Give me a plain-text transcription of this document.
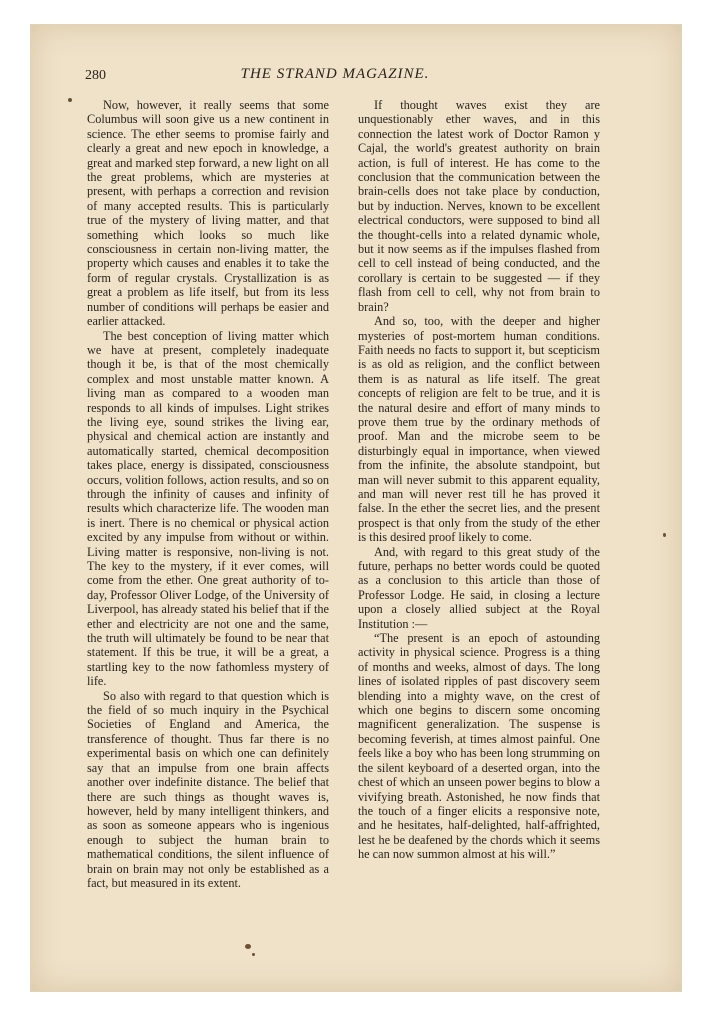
280	THE STRAND MAGAZINE.

Now, however, it really seems that some Columbus will soon give us a new continent in science. The ether seems to promise fairly and clearly a great and new epoch in knowledge, a great and marked step forward, a new light on all the great problems, which are mysteries at present, with perhaps a correction and revision of many accepted results. This is particularly true of the mystery of living matter, and that something which looks so much like consciousness in certain non-living matter, the property which causes and enables it to take the form of regular crystals. Crystallization is as great a problem as life itself, but from its less number of conditions will perhaps be easier and earlier attacked.

The best conception of living matter which we have at present, completely inadequate though it be, is that of the most chemically complex and most unstable matter known. A living man as compared to a wooden man responds to all kinds of impulses. Light strikes the living eye, sound strikes the living ear, physical and chemical action are instantly and automatically started, chemical decomposition takes place, energy is dissipated, consciousness occurs, volition follows, action results, and so on through the infinity of causes and infinity of results which characterize life. The wooden man is inert. There is no chemical or physical action excited by any impulse from without or within. Living matter is responsive, non-living is not. The key to the mystery, if it ever comes, will come from the ether. One great authority of to-day, Professor Oliver Lodge, of the University of Liverpool, has already stated his belief that if the ether and electricity are not one and the same, the truth will ultimately be found to be near that statement. If this be true, it will be a great, a startling key to the now fathomless mystery of life.

So also with regard to that question which is the field of so much inquiry in the Psychical Societies of England and America, the transference of thought. Thus far there is no experimental basis on which one can definitely say that an impulse from one brain affects another over indefinite distance. The belief that there are such things as thought waves is, however, held by many intelligent thinkers, and as soon as someone appears who is ingenious enough to subject the human brain to mathematical conditions, the silent influence of brain on brain may not only be established as a fact, but measured in its extent.

If thought waves exist they are unquestionably ether waves, and in this connection the latest work of Doctor Ramon y Cajal, the world's greatest authority on brain action, is full of interest. He has come to the conclusion that the communication between the brain-cells does not take place by conduction, but by induction. Nerves, known to be excellent electrical conductors, were supposed to bind all the thought-cells into a related dynamic whole, but it now seems as if the impulses flashed from cell to cell instead of being conducted, and the corollary is certain to be suggested — if they flash from cell to cell, why not from brain to brain?

And so, too, with the deeper and higher mysteries of post-mortem human conditions. Faith needs no facts to support it, but scepticism is as old as religion, and the conflict between them is as natural as life itself. The great concepts of religion are felt to be true, and it is the natural desire and effort of many minds to prove them true by the ordinary methods of proof. Man and the microbe seem to be disturbingly equal in importance, when viewed from the infinite, the absolute standpoint, but man will never submit to this apparent equality, and man will never rest till he has proved it false. In the ether the secret lies, and the present prospect is that only from the study of the ether is this desired proof likely to come.

And, with regard to this great study of the future, perhaps no better words could be quoted as a conclusion to this article than those of Professor Lodge. He said, in closing a lecture upon a closely allied subject at the Royal Institution :—

“The present is an epoch of astounding activity in physical science. Progress is a thing of months and weeks, almost of days. The long lines of isolated ripples of past discovery seem blending into a mighty wave, on the crest of which one begins to discern some oncoming magnificent generalization. The suspense is becoming feverish, at times almost painful. One feels like a boy who has been long strumming on the silent keyboard of a deserted organ, into the chest of which an unseen power begins to blow a vivifying breath. Astonished, he now finds that the touch of a finger elicits a responsive note, and he hesitates, half-delighted, half-affrighted, lest he be deafened by the chords which it seems he can now summon almost at his will.”
